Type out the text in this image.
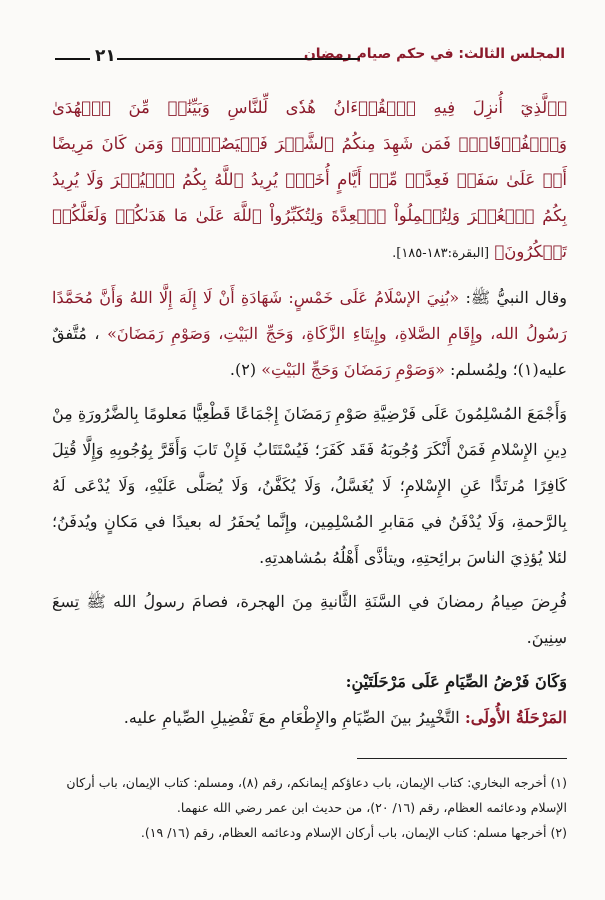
المجلس الثالث: في حكم صيام رمضان
٢١

﴿ٱلَّذِيٓ أُنزِلَ فِيهِ ٱلۡقُرۡءَانُ هُدٗى لِّلنَّاسِ وَبَيِّنَٰتٖ مِّنَ ٱلۡهُدَىٰ وَٱلۡفُرۡقَانِۚ فَمَن شَهِدَ مِنكُمُ ٱلشَّهۡرَ فَلۡيَصُمۡهُۖ وَمَن كَانَ مَرِيضًا أَوۡ عَلَىٰ سَفَرٖ فَعِدَّةٞ مِّنۡ أَيَّامٍ أُخَرَۗ يُرِيدُ ٱللَّهُ بِكُمُ ٱلۡيُسۡرَ وَلَا يُرِيدُ بِكُمُ ٱلۡعُسۡرَ وَلِتُكۡمِلُواْ ٱلۡعِدَّةَ وَلِتُكَبِّرُواْ ٱللَّهَ عَلَىٰ مَا هَدَىٰكُمۡ وَلَعَلَّكُمۡ تَشۡكُرُونَ﴾ [البقرة:١٨٣-١٨٥].

وقال النبيُّ ﷺ: «بُنِيَ الإسْلَامُ عَلَى خَمْسٍ: شَهَادَةِ أَنْ لَا إِلَهَ إِلَّا اللهُ وَأَنَّ مُحَمَّدًا رَسُولُ الله، وإِقَامِ الصَّلاةِ، وإِيتَاءِ الزَّكَاةِ، وَحَجِّ البَيْتِ، وَصَوْمِ رَمَضَانَ» ، مُتَّفقٌ عليه(١)؛ ولِمُسلم: «وَصَوْمِ رَمَضَانَ وَحَجِّ البَيْتِ» (٢).

وَأَجْمَعَ المُسْلِمُونَ عَلَى فَرْضِيَّةِ صَوْمِ رَمَضَانَ إِجْمَاعًا قَطْعِيًّا مَعلومًا بِالضَّرُورَةِ مِنْ دِينِ الإِسْلامِ فَمَنْ أَنْكَرَ وُجُوبَهُ فَقَد كَفَرَ؛ فَيُسْتَتَابُ فَإِنْ تَابَ وَأَقَرَّ بِوُجُوبِهِ وَإِلَّا قُتِلَ كَافِرًا مُرتَدًّا عَنِ الإِسْلامِ؛ لَا يُغَسَّلُ، وَلَا يُكَفَّنُ، وَلَا يُصَلَّى عَلَيْهِ، وَلَا يُدْعَى لَهُ بِالرَّحمةِ، وَلَا يُدْفَنُ في مَقابرِ المُسْلِمِين، وإِنَّما يُحفَرُ له بعيدًا في مَكانٍ ويُدفَنُ؛ لئلا يُؤذِيَ الناسَ برائِحتِهِ، ويتأذَّى أَهْلُهُ بمُشاهدتِهِ.

فُرِضَ صِيامُ رمضانَ في السَّنَةِ الثَّانيةِ مِنَ الهجرة، فصامَ رسولُ الله ﷺ تِسعَ سِنِينَ.

وَكَانَ فَرْضُ الصِّيَامِ عَلَى مَرْحَلَتَيْنِ:

المَرْحَلَةُ الأُولَى: التَّخْيِيرُ بينَ الصِّيَامِ والإِطْعَامِ معَ تَفْضِيلِ الصِّيامِ عليه.

(١) أخرجه البخاري: كتاب الإيمان، باب دعاؤكم إيمانكم، رقم (٨)، ومسلم: كتاب الإيمان، باب أركان الإسلام ودعائمه العظام، رقم (١٦/ ٢٠)، من حديث ابن عمر رضي الله عنهما.

(٢) أخرجها مسلم: كتاب الإيمان، باب أركان الإسلام ودعائمه العظام، رقم (١٦/ ١٩).
